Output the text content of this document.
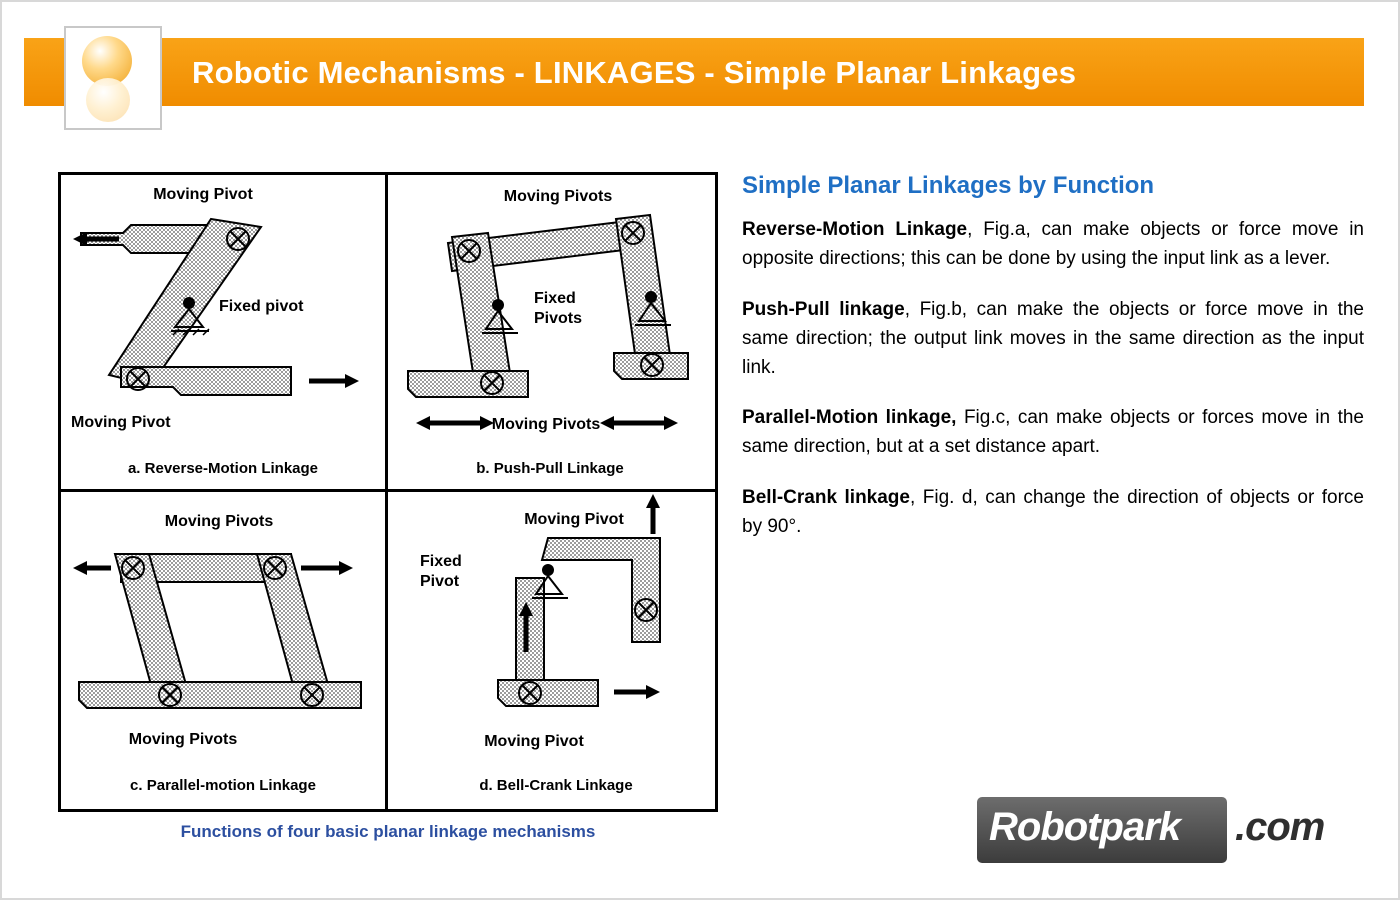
Robotic Mechanisms - LINKAGES - Simple Planar Linkages
Moving Pivot
Fixed pivot
Moving Pivot
a. Reverse-Motion Linkage
Moving Pivots
Fixed
Pivots
Moving Pivots
b. Push-Pull Linkage
Moving Pivots
Moving Pivots
c. Parallel-motion Linkage
Moving Pivot
Fixed
Pivot
Moving Pivot
d. Bell-Crank Linkage
Functions of four basic planar linkage mechanisms
Simple Planar Linkages by Function

Reverse-Motion Linkage, Fig.a, can make objects or force move in opposite directions; this can be done by using the input link as a lever.

Push-Pull linkage, Fig.b, can make the objects or force move in the same direction; the output link moves in the same direction as the input link.

Parallel-Motion linkage, Fig.c, can make objects or forces move in the same direction, but at a set distance apart.

Bell-Crank linkage, Fig. d, can change the direction of objects or force by 90°.

Robotpark .com
